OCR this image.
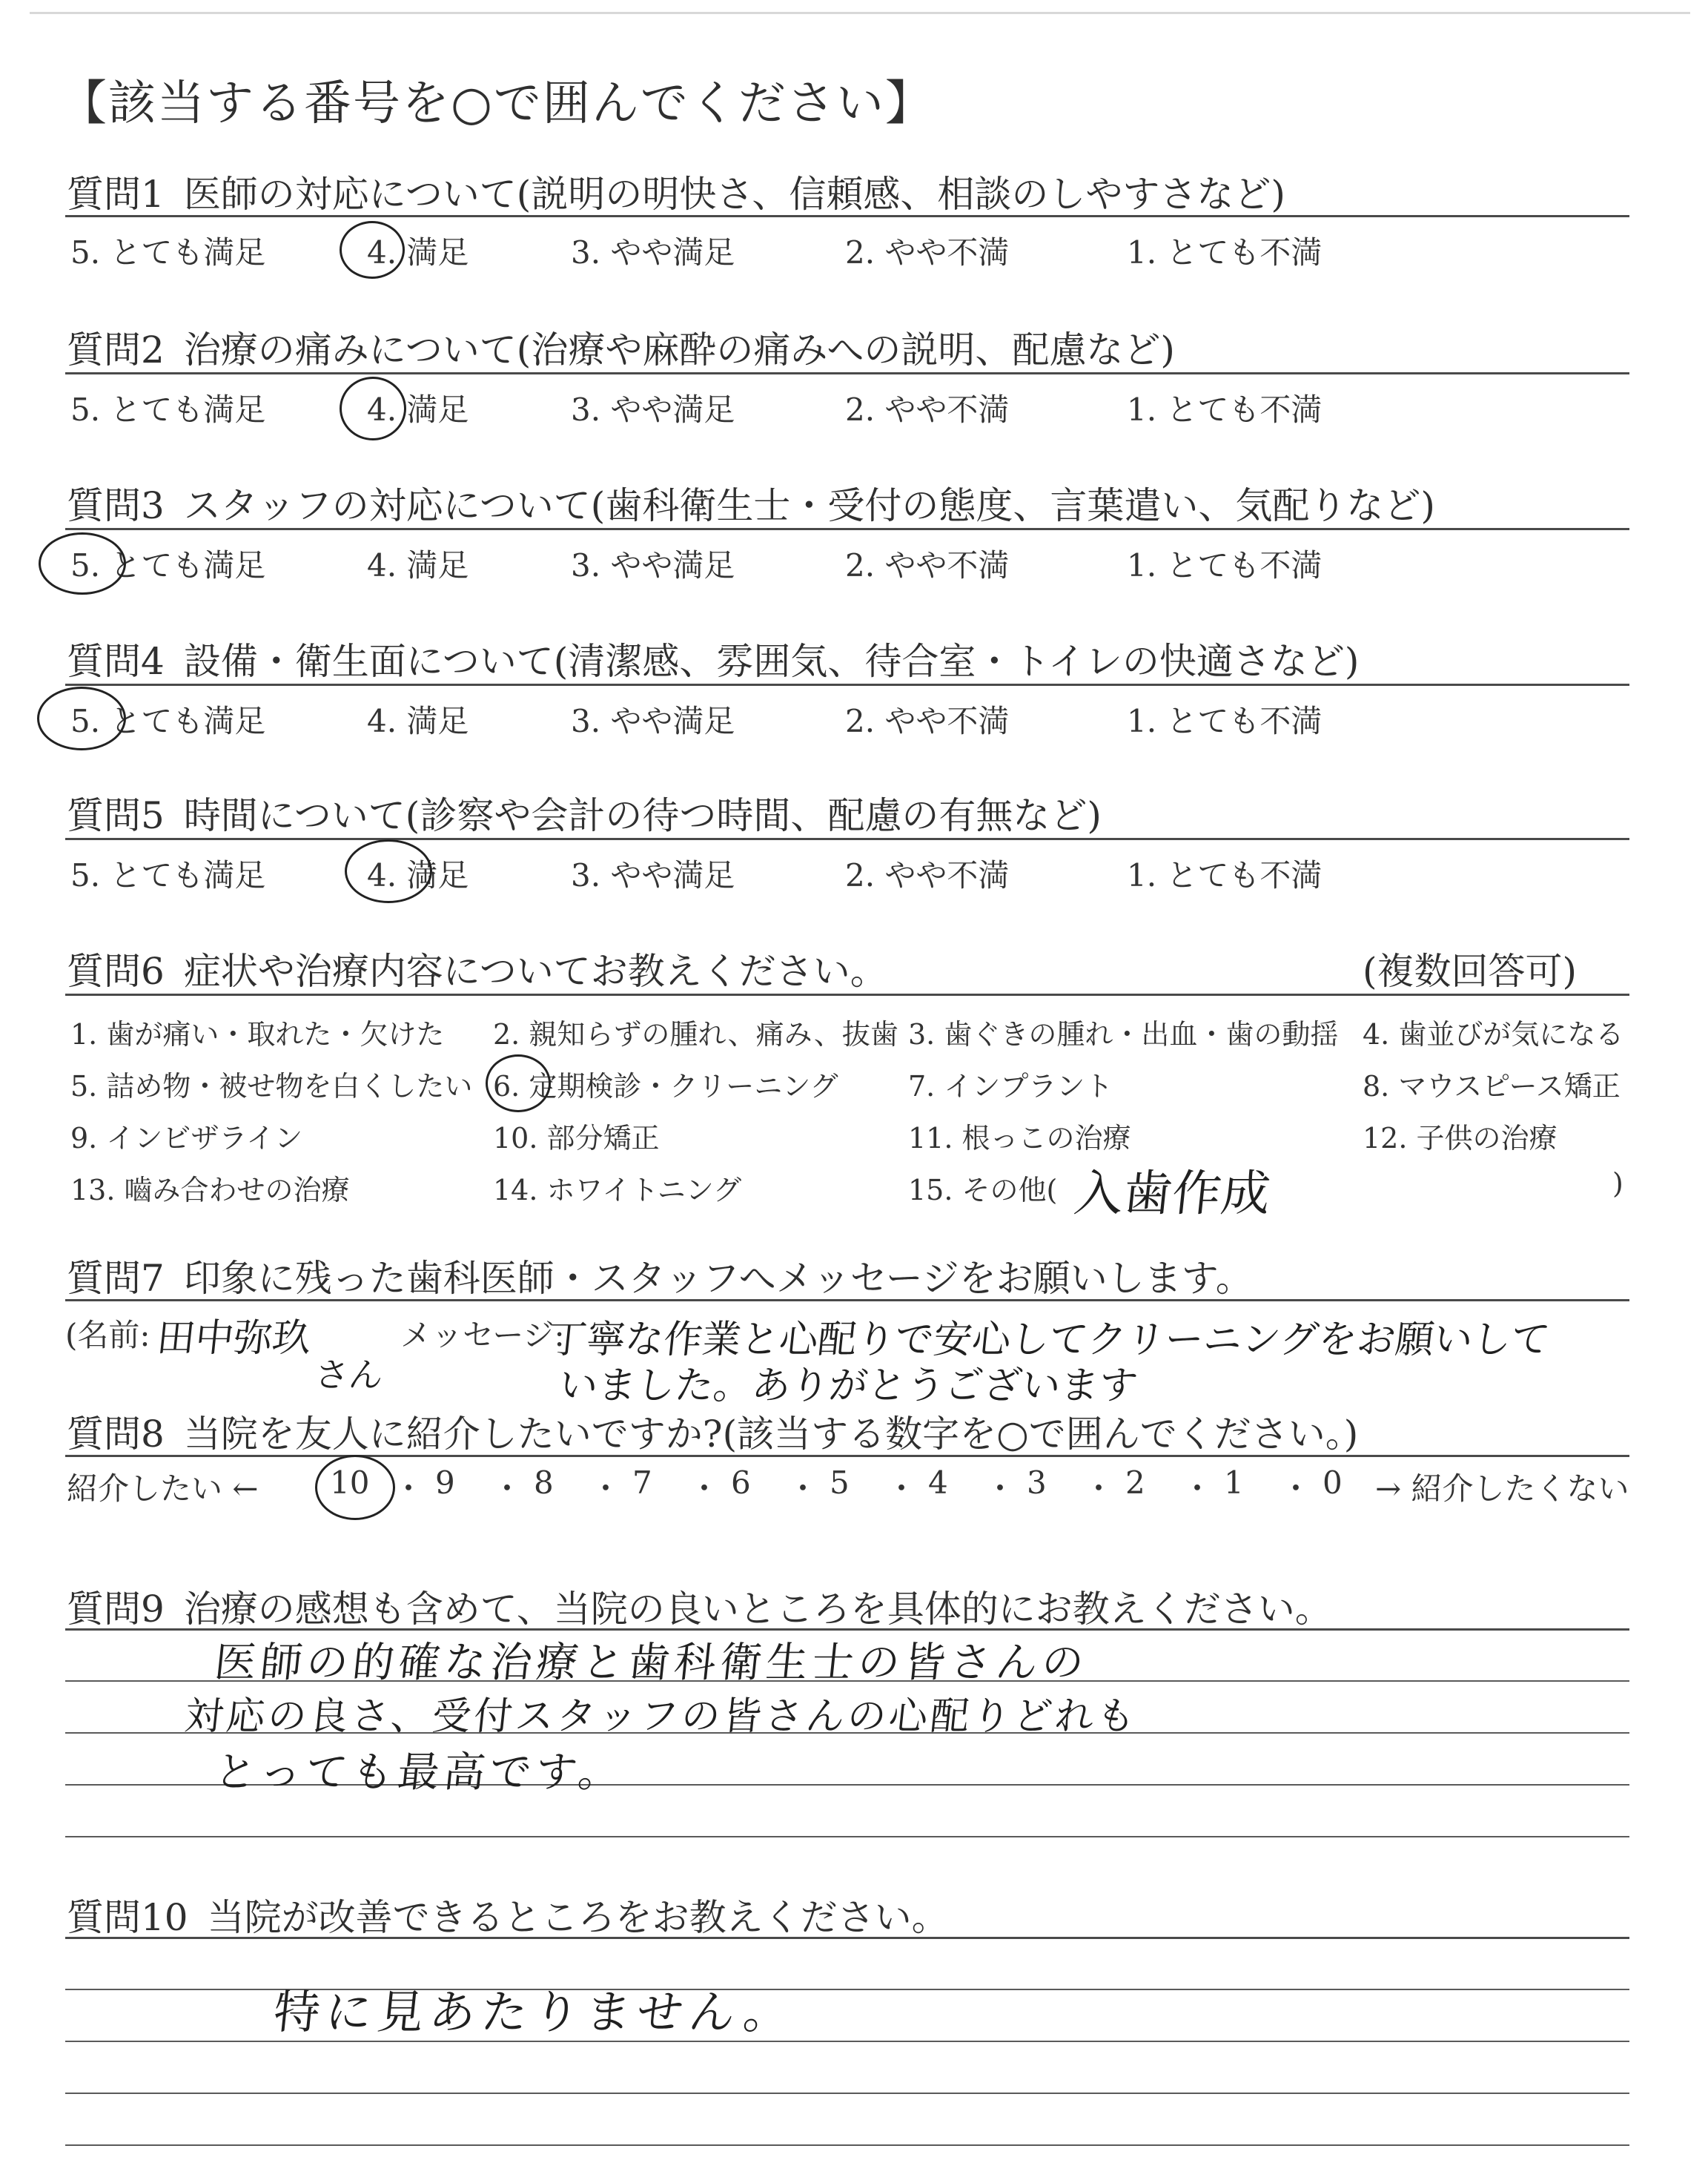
【該当する番号を○で囲んでください】
質問1 医師の対応について(説明の明快さ、信頼感、相談のしやすさなど)
5. とても満足	4. 満足	3. やや満足	2. やや不満	1. とても不満
質問2 治療の痛みについて(治療や麻酔の痛みへの説明、配慮など)
5. とても満足	4. 満足	3. やや満足	2. やや不満	1. とても不満
質問3 スタッフの対応について(歯科衛生士・受付の態度、言葉遣い、気配りなど)
5. とても満足	4. 満足	3. やや満足	2. やや不満	1. とても不満
質問4 設備・衛生面について(清潔感、雰囲気、待合室・トイレの快適さなど)
5. とても満足	4. 満足	3. やや満足	2. やや不満	1. とても不満
質問5 時間について(診察や会計の待つ時間、配慮の有無など)
5. とても満足	4. 満足	3. やや満足	2. やや不満	1. とても不満
質問6 症状や治療内容についてお教えください。	(複数回答可)
1. 歯が痛い・取れた・欠けた 2. 親知らずの腫れ、痛み、抜歯 3. 歯ぐきの腫れ・出血・歯の動揺 4. 歯並びが気になる
5. 詰め物・被せ物を白くしたい 6. 定期検診・クリーニング 7. インプラント	8. マウスピース矯正
9. インビザライン	10. 部分矯正	11. 根っこの治療	12. 子供の治療
13. 嚙み合わせの治療	14. ホワイトニング	15. その他(	)
入歯作成
質問7 印象に残った歯科医師・スタッフへメッセージをお願いします。
(名前: 田中弥玖
さん
メッセージ:
丁寧な作業と心配りで安心してクリーニングをお願いして
いました。ありがとうございます
質問8 当院を友人に紹介したいですか?(該当する数字を○で囲んでください。)
紹介したい ← 10 ・ 9 ・ 8 ・ 7 ・ 6 ・ 5 ・ 4 ・ 3 ・ 2 ・ 1 ・ 0 → 紹介したくない
質問9 治療の感想も含めて、当院の良いところを具体的にお教えください。
医師の的確な治療と歯科衛生士の皆さんの
対応の良さ、受付スタッフの皆さんの心配りどれも
とっても最高です。
質問10 当院が改善できるところをお教えください。
特に見あたりません。
